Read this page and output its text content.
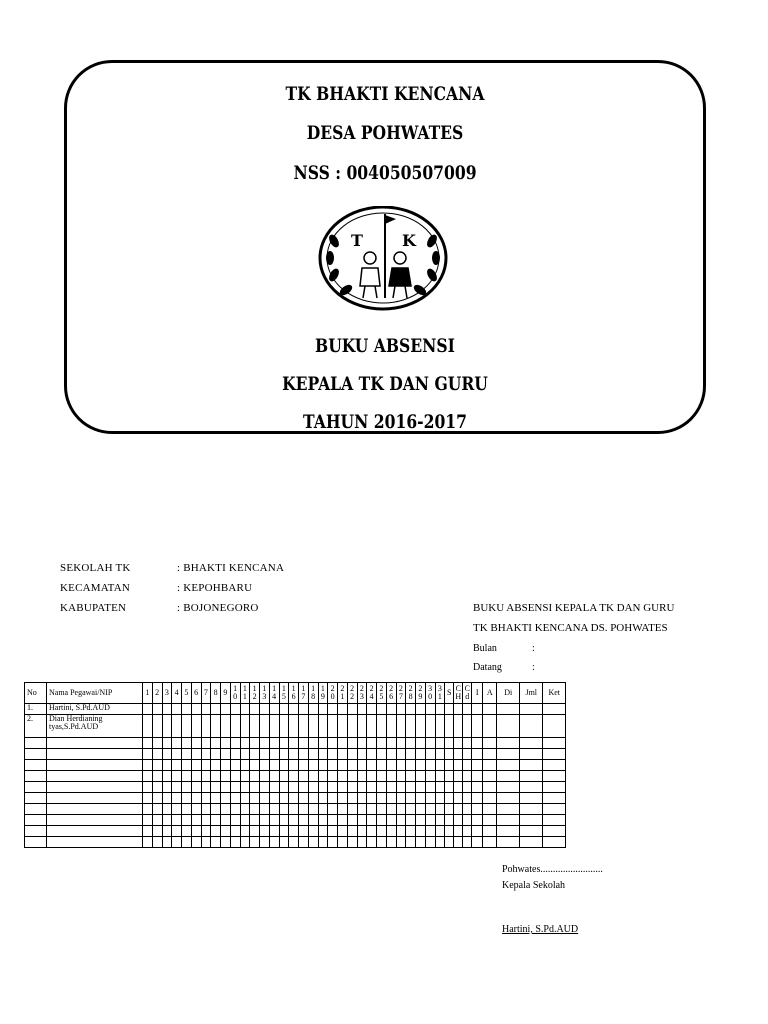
TK BHAKTI KENCANA
DESA POHWATES
NSS : 004050507009
T K
BUKU ABSENSI
KEPALA TK DAN GURU
TAHUN 2016-2017
SEKOLAH TK	: BHAKTI KENCANA
KECAMATAN	: KEPOHBARU
KABUPATEN	: BOJONEGORO	BUKU ABSENSI KEPALA TK DAN GURU
TK BHAKTI KENCANA DS. POHWATES
Bulan	:
Datang	:
No	Nama Pegawai/NIP	1	2	3	4	5	6	7	8	9	1 0	1 1	1 2	1 3	1 4	1 5	1 6	1 7	1 8	1 9	2 0	2 1	2 2	2 3	2 4	2 5	2 6	2 7	2 8	2 9	3 0	3 1	S	C H	C d	I	A	Di	Jml	Ket
1.	Hartini, S.Pd.AUD																																							
2.	Dian Herdianing tyas,S.Pd.AUD																																							

Pohwates.........................
Kepala Sekolah
Hartini, S.Pd.AUD
